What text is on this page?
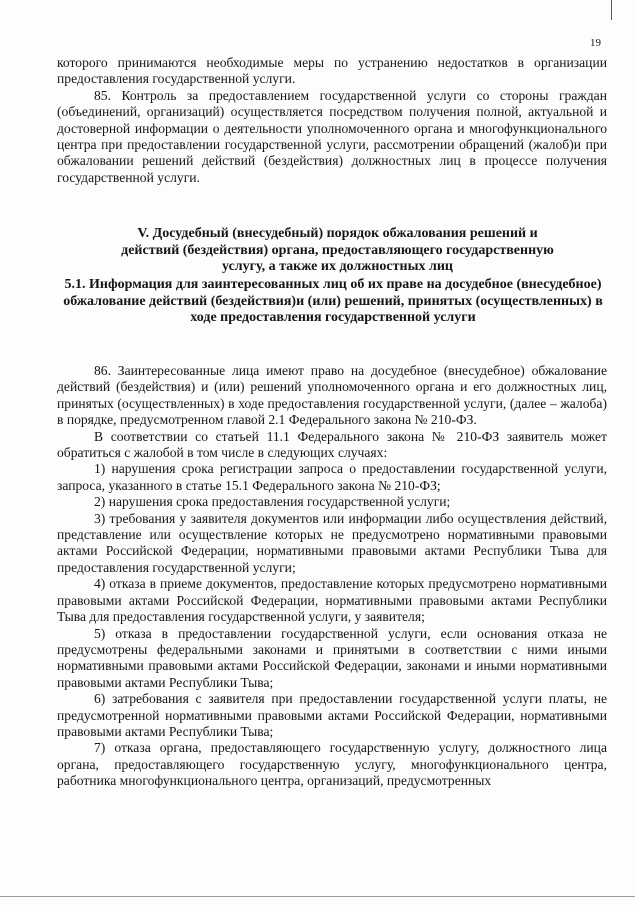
19

которого принимаются необходимые меры по устранению недостатков в организации предоставления государственной услуги.

85. Контроль за предоставлением государственной услуги со стороны граждан (объединений, организаций) осуществляется посредством получения полной, актуальной и достоверной информации о деятельности уполномоченного органа и многофункционального центра при предоставлении государственной услуги, рассмотрении обращений (жалоб)и при обжаловании решений действий (бездействия) должностных лиц в процессе получения государственной услуги.

V. Досудебный (внесудебный) порядок обжалования решений и действий (бездействия) органа, предоставляющего государственную услугу, а также их должностных лиц

5.1. Информация для заинтересованных лиц об их праве на досудебное (внесудебное) обжалование действий (бездействия)и (или) решений, принятых (осуществленных) в ходе предоставления государственной услуги

86. Заинтересованные лица имеют право на досудебное (внесудебное) обжалование действий (бездействия) и (или) решений уполномоченного органа и его должностных лиц, принятых (осуществленных) в ходе предоставления государственной услуги, (далее – жалоба) в порядке, предусмотренном главой 2.1 Федерального закона № 210-ФЗ.

В соответствии со статьей 11.1 Федерального закона № 210-ФЗ заявитель может обратиться с жалобой в том числе в следующих случаях:

1) нарушения срока регистрации запроса о предоставлении государственной услуги, запроса, указанного в статье 15.1 Федерального закона № 210-ФЗ;

2) нарушения срока предоставления государственной услуги;

3) требования у заявителя документов или информации либо осуществления действий, представление или осуществление которых не предусмотрено нормативными правовыми актами Российской Федерации, нормативными правовыми актами Республики Тыва для предоставления государственной услуги;

4) отказа в приеме документов, предоставление которых предусмотрено нормативными правовыми актами Российской Федерации, нормативными правовыми актами Республики Тыва для предоставления государственной услуги, у заявителя;

5) отказа в предоставлении государственной услуги, если основания отказа не предусмотрены федеральными законами и принятыми в соответствии с ними иными нормативными правовыми актами Российской Федерации, законами и иными нормативными правовыми актами Республики Тыва;

6) затребования с заявителя при предоставлении государственной услуги платы, не предусмотренной нормативными правовыми актами Российской Федерации, нормативными правовыми актами Республики Тыва;

7) отказа органа, предоставляющего государственную услугу, должностного лица органа, предоставляющего государственную услугу, многофункционального центра, работника многофункционального центра, организаций, предусмотренных
